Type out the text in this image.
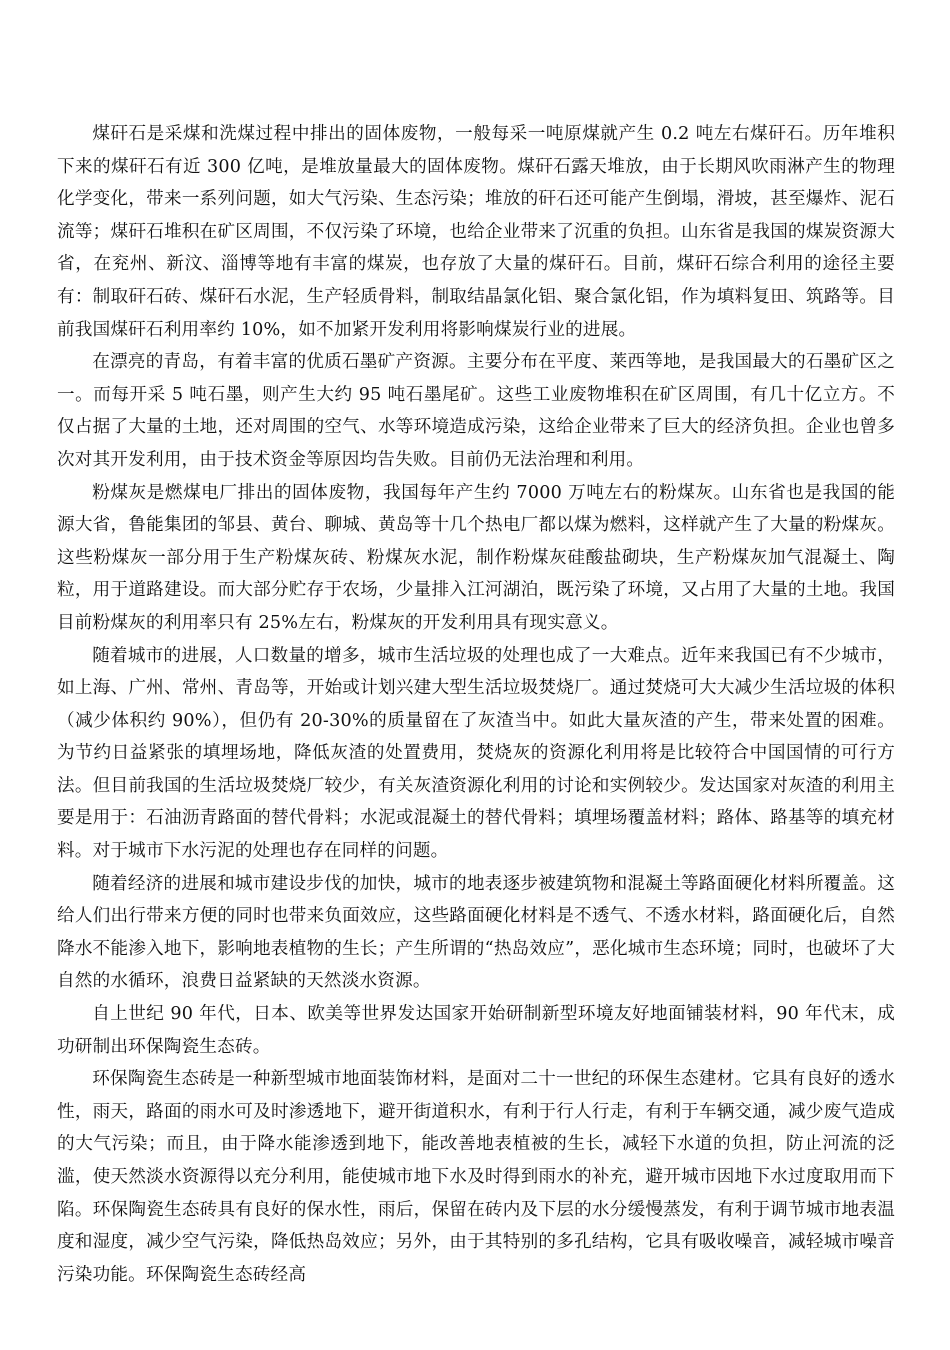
煤矸石是采煤和洗煤过程中排出的固体废物，一般每采一吨原煤就产生 0.2 吨左右煤矸石。历年堆积下来的煤矸石有近 300 亿吨，是堆放量最大的固体废物。煤矸石露天堆放，由于长期风吹雨淋产生的物理化学变化，带来一系列问题，如大气污染、生态污染；堆放的矸石还可能产生倒塌，滑坡，甚至爆炸、泥石流等；煤矸石堆积在矿区周围，不仅污染了环境，也给企业带来了沉重的负担。山东省是我国的煤炭资源大省，在兖州、新汶、淄博等地有丰富的煤炭，也存放了大量的煤矸石。目前，煤矸石综合利用的途径主要有：制取矸石砖、煤矸石水泥，生产轻质骨料，制取结晶氯化铝、聚合氯化铝，作为填料复田、筑路等。目前我国煤矸石利用率约 10%，如不加紧开发利用将影响煤炭行业的进展。

在漂亮的青岛，有着丰富的优质石墨矿产资源。主要分布在平度、莱西等地，是我国最大的石墨矿区之一。而每开采 5 吨石墨，则产生大约 95 吨石墨尾矿。这些工业废物堆积在矿区周围，有几十亿立方。不仅占据了大量的土地，还对周围的空气、水等环境造成污染，这给企业带来了巨大的经济负担。企业也曾多次对其开发利用，由于技术资金等原因均告失败。目前仍无法治理和利用。

粉煤灰是燃煤电厂排出的固体废物，我国每年产生约 7000 万吨左右的粉煤灰。山东省也是我国的能源大省，鲁能集团的邹县、黄台、聊城、黄岛等十几个热电厂都以煤为燃料，这样就产生了大量的粉煤灰。这些粉煤灰一部分用于生产粉煤灰砖、粉煤灰水泥，制作粉煤灰硅酸盐砌块，生产粉煤灰加气混凝土、陶粒，用于道路建设。而大部分贮存于农场，少量排入江河湖泊，既污染了环境，又占用了大量的土地。我国目前粉煤灰的利用率只有 25%左右，粉煤灰的开发利用具有现实意义。

随着城市的进展，人口数量的增多，城市生活垃圾的处理也成了一大难点。近年来我国已有不少城市，如上海、广州、常州、青岛等，开始或计划兴建大型生活垃圾焚烧厂。通过焚烧可大大减少生活垃圾的体积（减少体积约 90%），但仍有 20-30%的质量留在了灰渣当中。如此大量灰渣的产生，带来处置的困难。为节约日益紧张的填埋场地，降低灰渣的处置费用，焚烧灰的资源化利用将是比较符合中国国情的可行方法。但目前我国的生活垃圾焚烧厂较少，有关灰渣资源化利用的讨论和实例较少。发达国家对灰渣的利用主要是用于：石油沥青路面的替代骨料；水泥或混凝土的替代骨料；填埋场覆盖材料；路体、路基等的填充材料。对于城市下水污泥的处理也存在同样的问题。

随着经济的进展和城市建设步伐的加快，城市的地表逐步被建筑物和混凝土等路面硬化材料所覆盖。这给人们出行带来方便的同时也带来负面效应，这些路面硬化材料是不透气、不透水材料，路面硬化后，自然降水不能渗入地下，影响地表植物的生长；产生所谓的“热岛效应”，恶化城市生态环境；同时，也破坏了大自然的水循环，浪费日益紧缺的天然淡水资源。

自上世纪 90 年代，日本、欧美等世界发达国家开始研制新型环境友好地面铺装材料，90 年代末，成功研制出环保陶瓷生态砖。

环保陶瓷生态砖是一种新型城市地面装饰材料，是面对二十一世纪的环保生态建材。它具有良好的透水性，雨天，路面的雨水可及时渗透地下，避开街道积水，有利于行人行走，有利于车辆交通，减少废气造成的大气污染；而且，由于降水能渗透到地下，能改善地表植被的生长，减轻下水道的负担，防止河流的泛滥，使天然淡水资源得以充分利用，能使城市地下水及时得到雨水的补充，避开城市因地下水过度取用而下陷。环保陶瓷生态砖具有良好的保水性，雨后，保留在砖内及下层的水分缓慢蒸发，有利于调节城市地表温度和湿度，减少空气污染，降低热岛效应；另外，由于其特别的多孔结构，它具有吸收噪音，减轻城市噪音污染功能。环保陶瓷生态砖经高
